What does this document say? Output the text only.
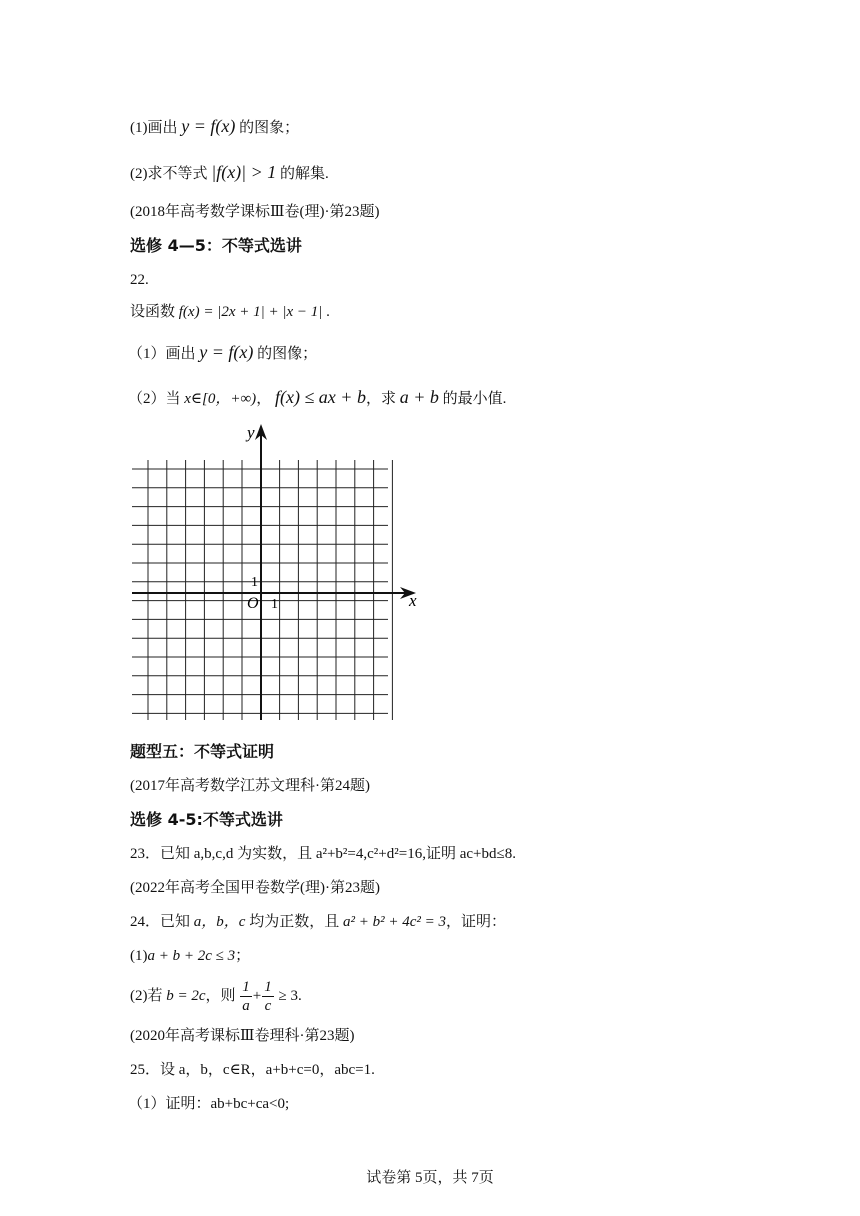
(1)画出 y = f(x) 的图象；
(2)求不等式 |f(x)| > 1 的解集.
(2018年高考数学课标Ⅲ卷(理)·第23题)
选修 4—5：不等式选讲
22.
设函数 f(x) = |2x + 1| + |x − 1| .
（1）画出 y = f(x) 的图像；
（2）当 x∈[0，+∞)， f(x) ≤ ax + b，求 a + b 的最小值.
y
x
O 1
1
题型五：不等式证明
(2017年高考数学江苏文理科·第24题)
选修 4-5:不等式选讲
23．已知 a,b,c,d 为实数，且 a²+b²=4,c²+d²=16,证明 ac+bd≤8.
(2022年高考全国甲卷数学(理)·第23题)
24．已知 a，b，c 均为正数，且 a² + b² + 4c² = 3，证明：
(1)a + b + 2c ≤ 3；
(2)若 b = 2c，则 $\frac{1}{a} + \frac{1}{c} \ge 3$.
(2020年高考课标Ⅲ卷理科·第23题)
25．设 a，b，c∈R，a+b+c=0，abc=1.
（1）证明：ab+bc+ca<0;
试卷第 5页，共 7页
